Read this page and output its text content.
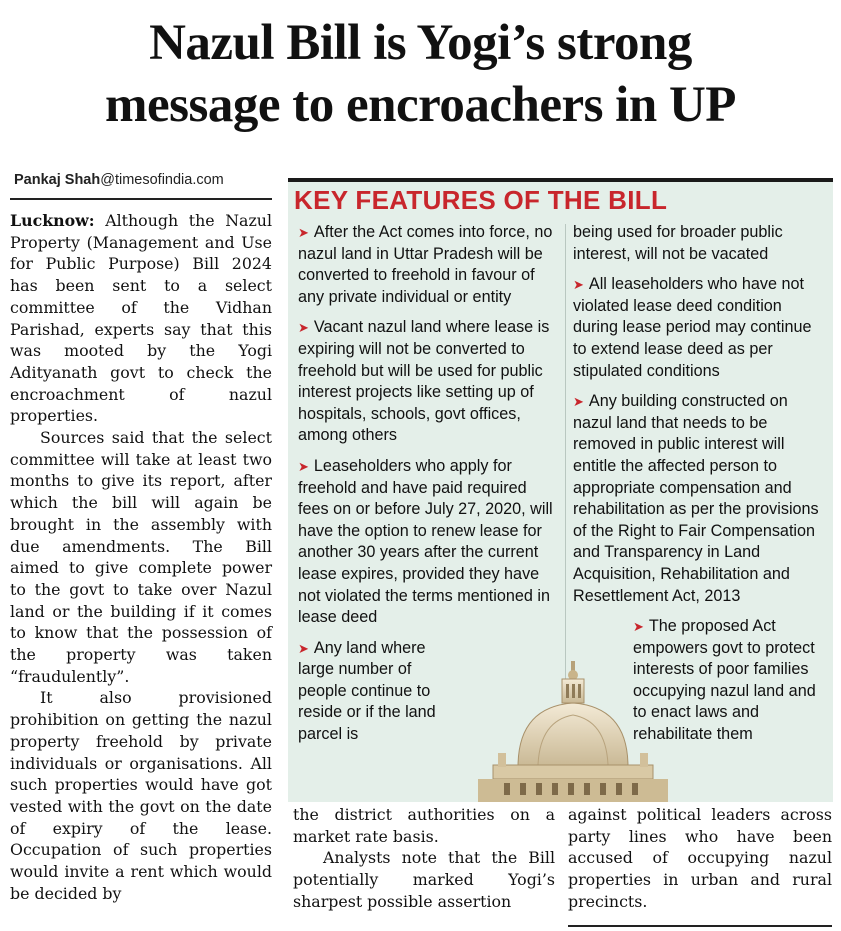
Nazul Bill is Yogi’s strong
message to encroachers in UP
Pankaj Shah@timesofindia.com

Lucknow: Although the Nazul Property (Management and Use for Public Purpose) Bill 2024 has been sent to a select committee of the Vidhan Parishad, experts say that this was mooted by the Yogi Adityanath govt to check the encroachment of nazul properties.

Sources said that the select committee will take at least two months to give its report, after which the bill will again be brought in the assembly with due amendments. The Bill aimed to give complete power to the govt to take over Nazul land or the building if it comes to know that the possession of the property was taken “fraudulently”.

It also provisioned prohibition on getting the nazul property freehold by private individuals or organisations. All such properties would have got vested with the govt on the date of expiry of the lease. Occupation of such properties would invite a rent which would be decided by

KEY FEATURES OF THE BILL

➤ After the Act comes into force, no nazul land in Uttar Pradesh will be converted to freehold in favour of any private individual or entity

➤ Vacant nazul land where lease is expiring will not be converted to freehold but will be used for public interest projects like setting up of hospitals, schools, govt offices, among others

➤ Leaseholders who apply for freehold and have paid required fees on or before July 27, 2020, will have the option to renew lease for another 30 years after the current lease expires, provided they have not violated the terms mentioned in lease deed

➤ Any land where large number of people continue to reside or if the land parcel is

being used for broader public interest, will not be vacated

➤ All leaseholders who have not violated lease deed condition during lease period may continue to extend lease deed as per stipulated conditions

➤ Any building constructed on nazul land that needs to be removed in public interest will entitle the affected person to appropriate compensation and rehabilitation as per the provisions of the Right to Fair Compensation and Transparency in Land Acquisition, Rehabilitation and Resettlement Act, 2013

➤ The proposed Act empowers govt to protect interests of poor families occupying nazul land and to enact laws and rehabilitate them

the district authorities on a market rate basis.

Analysts note that the Bill potentially marked Yogi’s sharpest possible assertion

against political leaders across party lines who have been accused of occupying nazul properties in urban and rural precincts.
